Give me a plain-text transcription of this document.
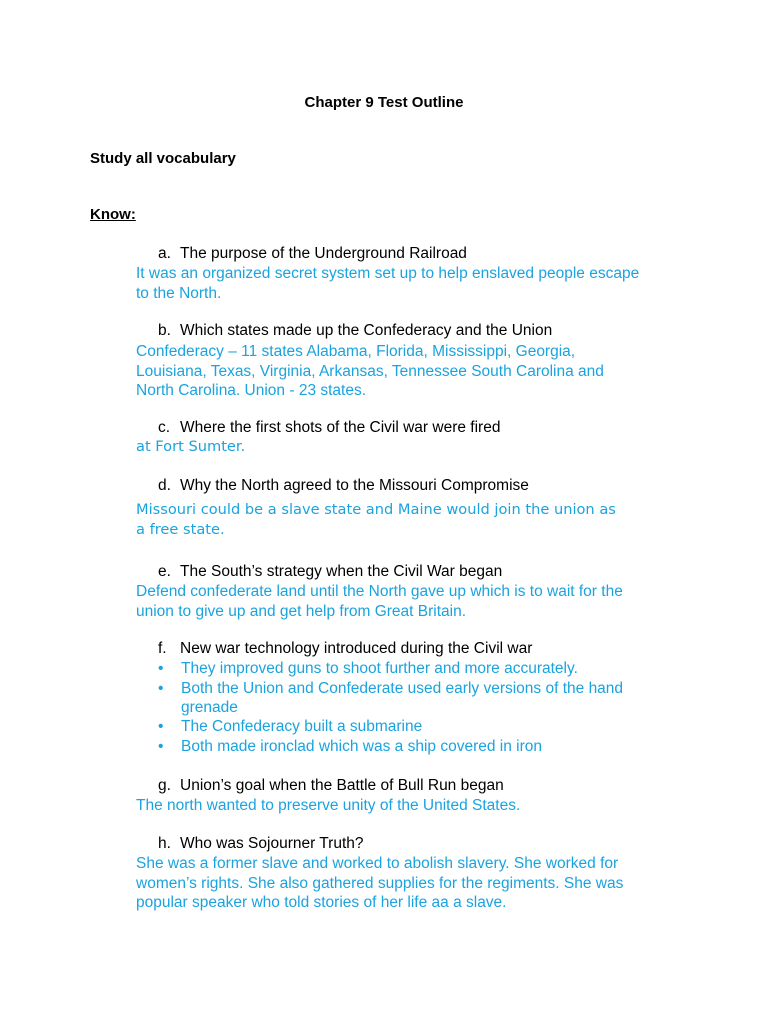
Chapter 9 Test Outline
Study all vocabulary
Know:
a. The purpose of the Underground Railroad
It was an organized secret system set up to help enslaved people escape
to the North.
b. Which states made up the Confederacy and the Union
Confederacy – 11 states Alabama, Florida, Mississippi, Georgia,
Louisiana, Texas, Virginia, Arkansas, Tennessee South Carolina and
North Carolina. Union - 23 states.
c. Where the first shots of the Civil war were fired
at Fort Sumter.
d. Why the North agreed to the Missouri Compromise
Missouri could be a slave state and Maine would join the union as
a free state.
e. The South’s strategy when the Civil War began
Defend confederate land until the North gave up which is to wait for the
union to give up and get help from Great Britain.
f. New war technology introduced during the Civil war
• They improved guns to shoot further and more accurately.
• Both the Union and Confederate used early versions of the hand
grenade
• The Confederacy built a submarine
• Both made ironclad which was a ship covered in iron
g. Union’s goal when the Battle of Bull Run began
The north wanted to preserve unity of the United States.
h. Who was Sojourner Truth?
She was a former slave and worked to abolish slavery. She worked for
women’s rights. She also gathered supplies for the regiments. She was
popular speaker who told stories of her life aa a slave.
